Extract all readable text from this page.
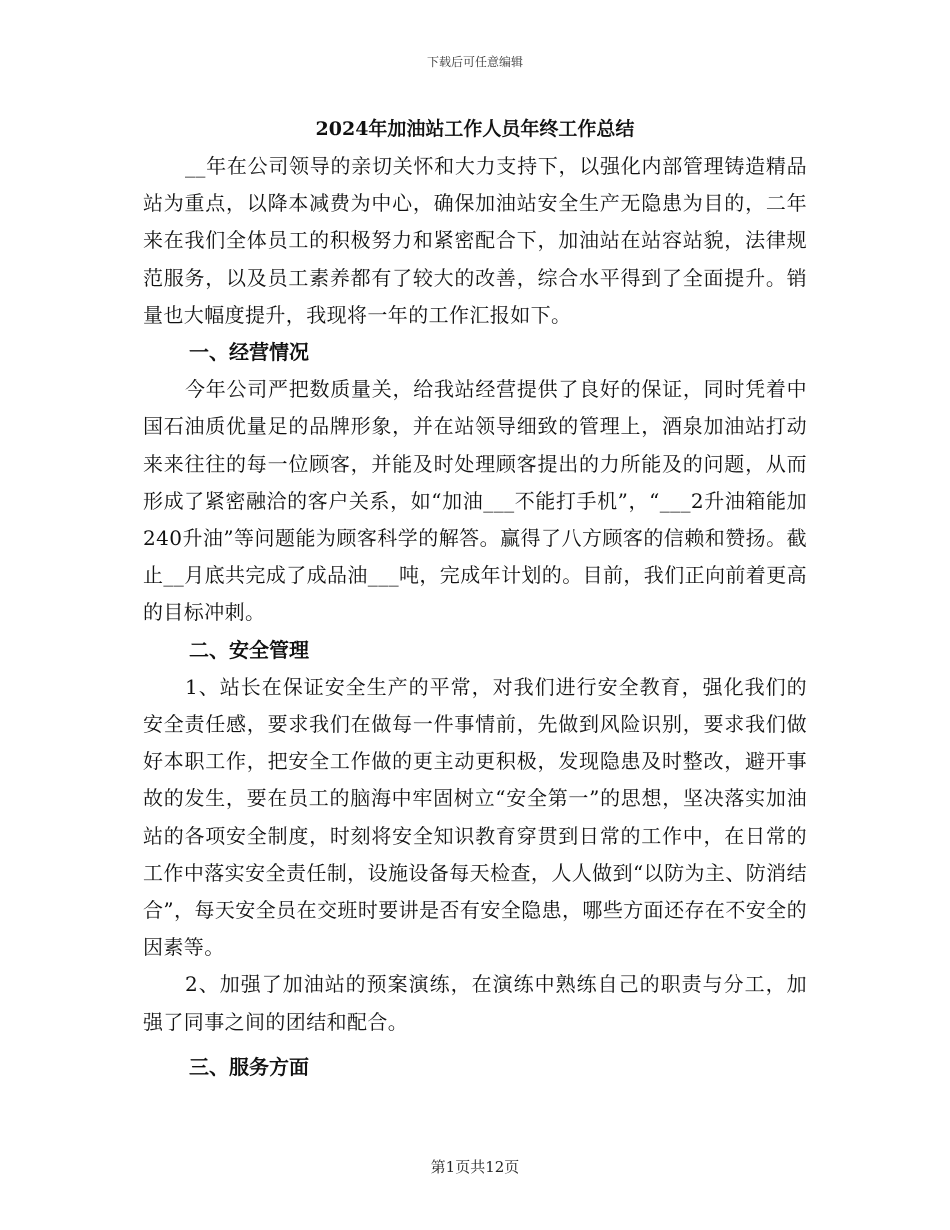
下载后可任意编辑
2024年加油站工作人员年终工作总结

__年在公司领导的亲切关怀和大力支持下，以强化内部管理铸造精品站为重点，以降本减费为中心，确保加油站安全生产无隐患为目的，二年来在我们全体员工的积极努力和紧密配合下，加油站在站容站貌，法律规范服务，以及员工素养都有了较大的改善，综合水平得到了全面提升。销量也大幅度提升，我现将一年的工作汇报如下。

一、经营情况

今年公司严把数质量关，给我站经营提供了良好的保证，同时凭着中国石油质优量足的品牌形象，并在站领导细致的管理上，酒泉加油站打动来来往往的每一位顾客，并能及时处理顾客提出的力所能及的问题，从而形成了紧密融洽的客户关系，如“加油___不能打手机”，“___2升油箱能加240升油”等问题能为顾客科学的解答。赢得了八方顾客的信赖和赞扬。截止__月底共完成了成品油___吨，完成年计划的。目前，我们正向前着更高的目标冲刺。

二、安全管理

1、站长在保证安全生产的平常，对我们进行安全教育，强化我们的安全责任感，要求我们在做每一件事情前，先做到风险识别，要求我们做好本职工作，把安全工作做的更主动更积极，发现隐患及时整改，避开事故的发生，要在员工的脑海中牢固树立“安全第一”的思想，坚决落实加油站的各项安全制度，时刻将安全知识教育穿贯到日常的工作中，在日常的工作中落实安全责任制，设施设备每天检查，人人做到“以防为主、防消结合”，每天安全员在交班时要讲是否有安全隐患，哪些方面还存在不安全的因素等。

2、加强了加油站的预案演练，在演练中熟练自己的职责与分工，加强了同事之间的团结和配合。

三、服务方面
第1页共12页
